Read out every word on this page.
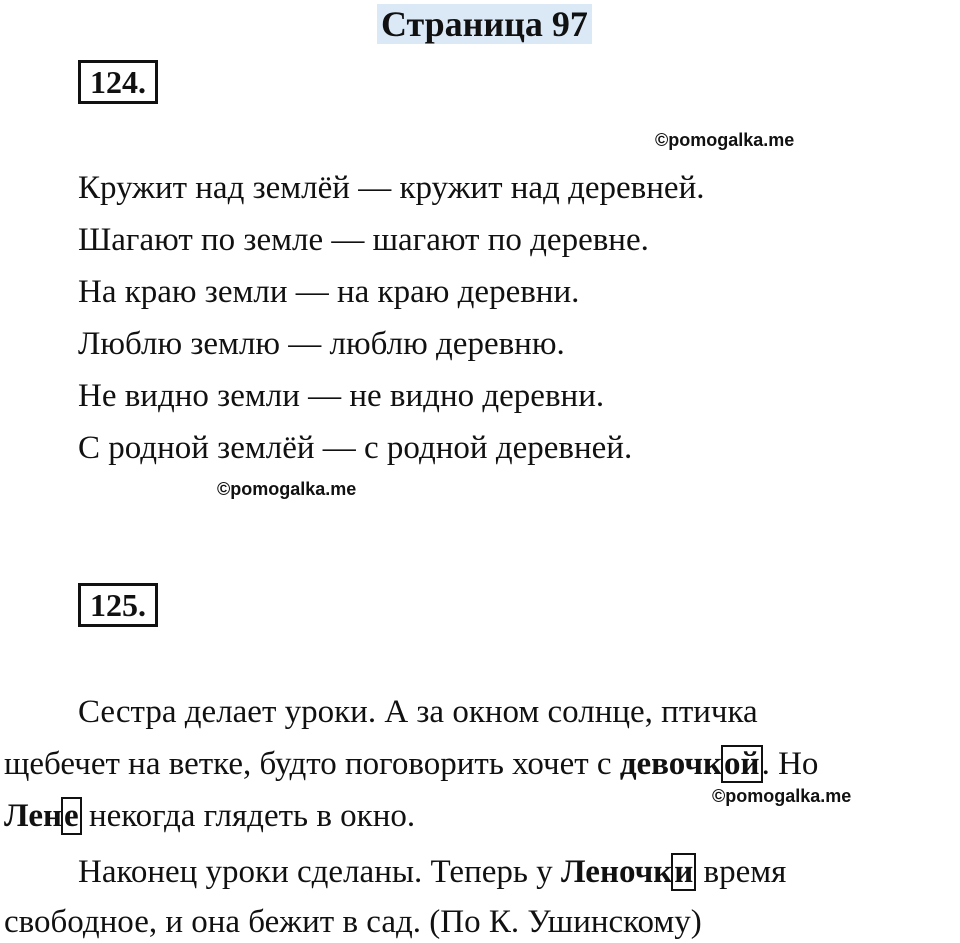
Страница 97
124.
©pomogalka.me
Кружит над землёй — кружит над деревней.
Шагают по земле — шагают по деревне.
На краю земли — на краю деревни.
Люблю землю — люблю деревню.
Не видно земли — не видно деревни.
С родной землёй — с родной деревней.
©pomogalka.me
125.
Сестра делает уроки. А за окном солнце, птичка
щебечет на ветке, будто поговорить хочет с девочкой. Но
©pomogalka.me
Лене некогда глядеть в окно.
Наконец уроки сделаны. Теперь у Леночки время
свободное, и она бежит в сад. (По К. Ушинскому)
